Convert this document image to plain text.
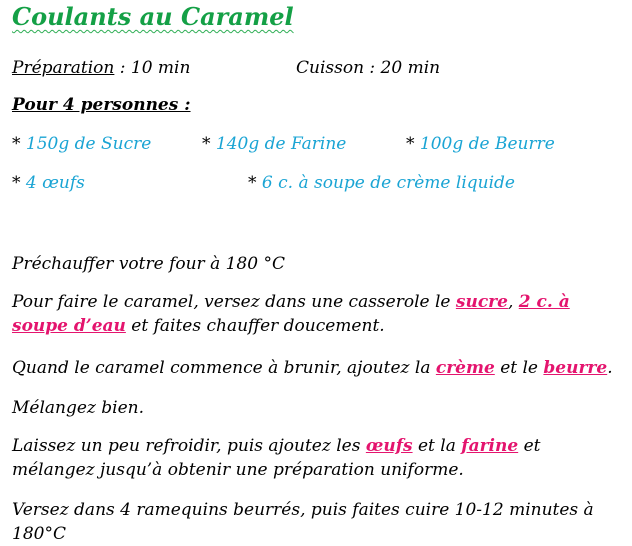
Coulants au Caramel
Préparation : 10 min	Cuisson : 20 min
Pour 4 personnes :
* 150g de Sucre	* 140g de Farine	* 100g de Beurre
* 4 œufs	* 6 c. à soupe de crème liquide
Préchauffer votre four à 180 °C
Pour faire le caramel, versez dans une casserole le sucre, 2 c. à soupe d’eau et faites chauffer doucement.
Quand le caramel commence à brunir, ajoutez la crème et le beurre.
Mélangez bien.
Laissez un peu refroidir, puis ajoutez les œufs et la farine et mélangez jusqu’à obtenir une préparation uniforme.
Versez dans 4 ramequins beurrés, puis faites cuire 10-12 minutes à 180°C
